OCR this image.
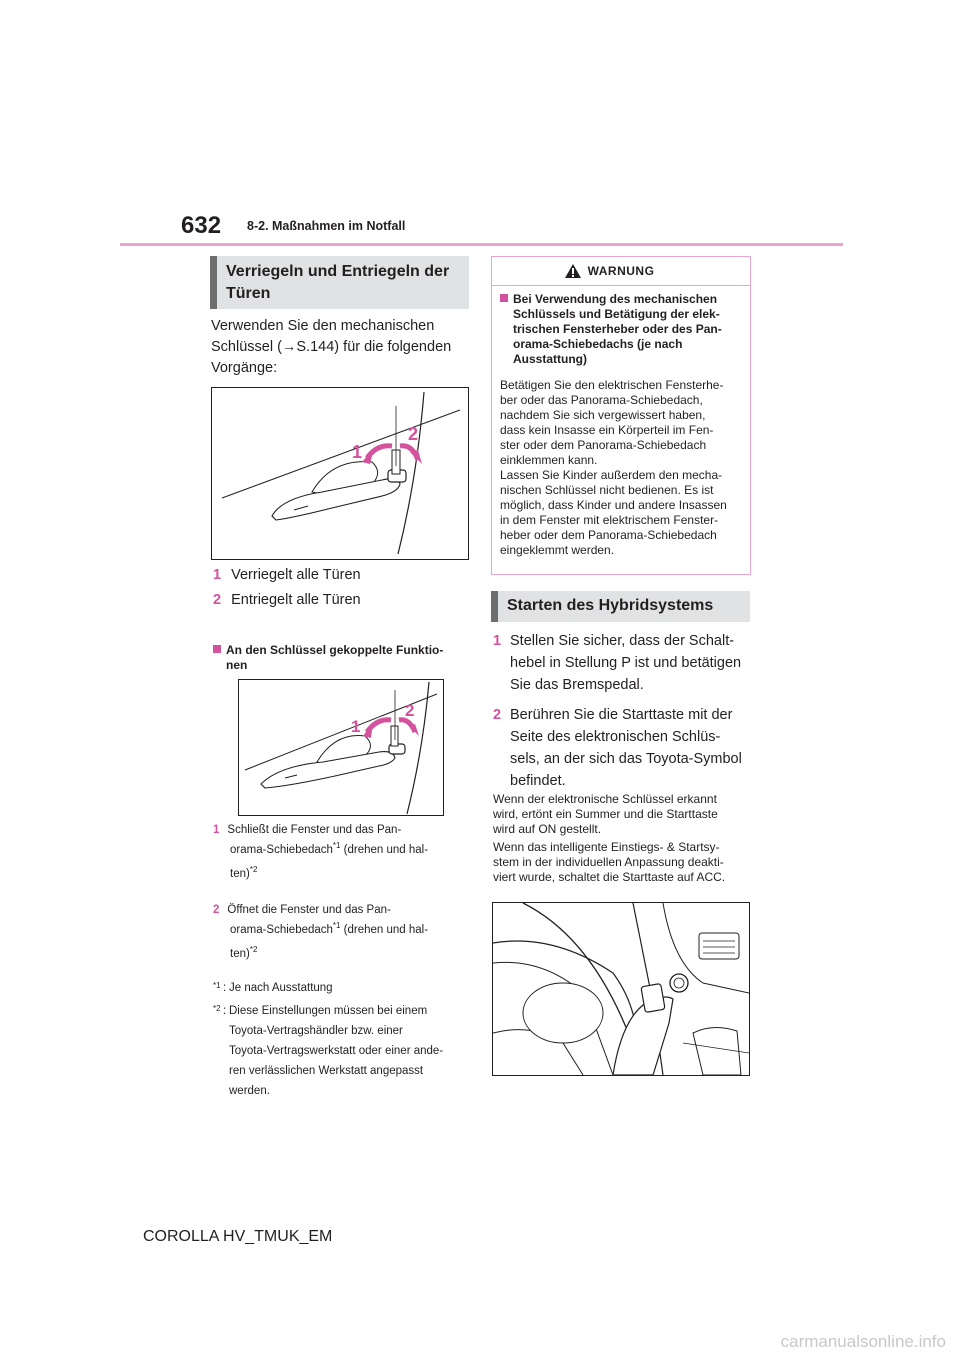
632 8-2. Maßnahmen im Notfall
Verriegeln und Entriegeln der Türen
Verwenden Sie den mechanischen
Schlüssel (→S.144) für die folgenden
Vorgänge:
1
2
1 Verriegelt alle Türen
2 Entriegelt alle Türen
An den Schlüssel gekoppelte Funktio-
nen
1
2
1 Schließt die Fenster und das Pan-
orama-Schiebedach$^{*1}$ (drehen und hal-
ten)$^{*2}$
2 Öffnet die Fenster und das Pan-
orama-Schiebedach$^{*1}$ (drehen und hal-
ten)$^{*2}$
*1 : Je nach Ausstattung
*2 : Diese Einstellungen müssen bei einem
Toyota-Vertragshändler bzw. einer
Toyota-Vertragswerkstatt oder einer ande-
ren verlässlichen Werkstatt angepasst
werden.
WARNUNG
Bei Verwendung des mechanischen
Schlüssels und Betätigung der elek-
trischen Fensterheber oder des Pan-
orama-Schiebedachs (je nach
Ausstattung)
Betätigen Sie den elektrischen Fensterhe-
ber oder das Panorama-Schiebedach,
nachdem Sie sich vergewissert haben,
dass kein Insasse ein Körperteil im Fen-
ster oder dem Panorama-Schiebedach
einklemmen kann.
Lassen Sie Kinder außerdem den mecha-
nischen Schlüssel nicht bedienen. Es ist
möglich, dass Kinder und andere Insassen
in dem Fenster mit elektrischem Fenster-
heber oder dem Panorama-Schiebedach
eingeklemmt werden.
Starten des Hybridsystems
1 Stellen Sie sicher, dass der Schalt-
hebel in Stellung P ist und betätigen
Sie das Bremspedal.
2 Berühren Sie die Starttaste mit der
Seite des elektronischen Schlüs-
sels, an der sich das Toyota-Symbol
befindet.
Wenn der elektronische Schlüssel erkannt
wird, ertönt ein Summer und die Starttaste
wird auf ON gestellt.
Wenn das intelligente Einstiegs- & Startsy-
stem in der individuellen Anpassung deakti-
viert wurde, schaltet die Starttaste auf ACC.
COROLLA HV_TMUK_EM
carmanualsonline.info
